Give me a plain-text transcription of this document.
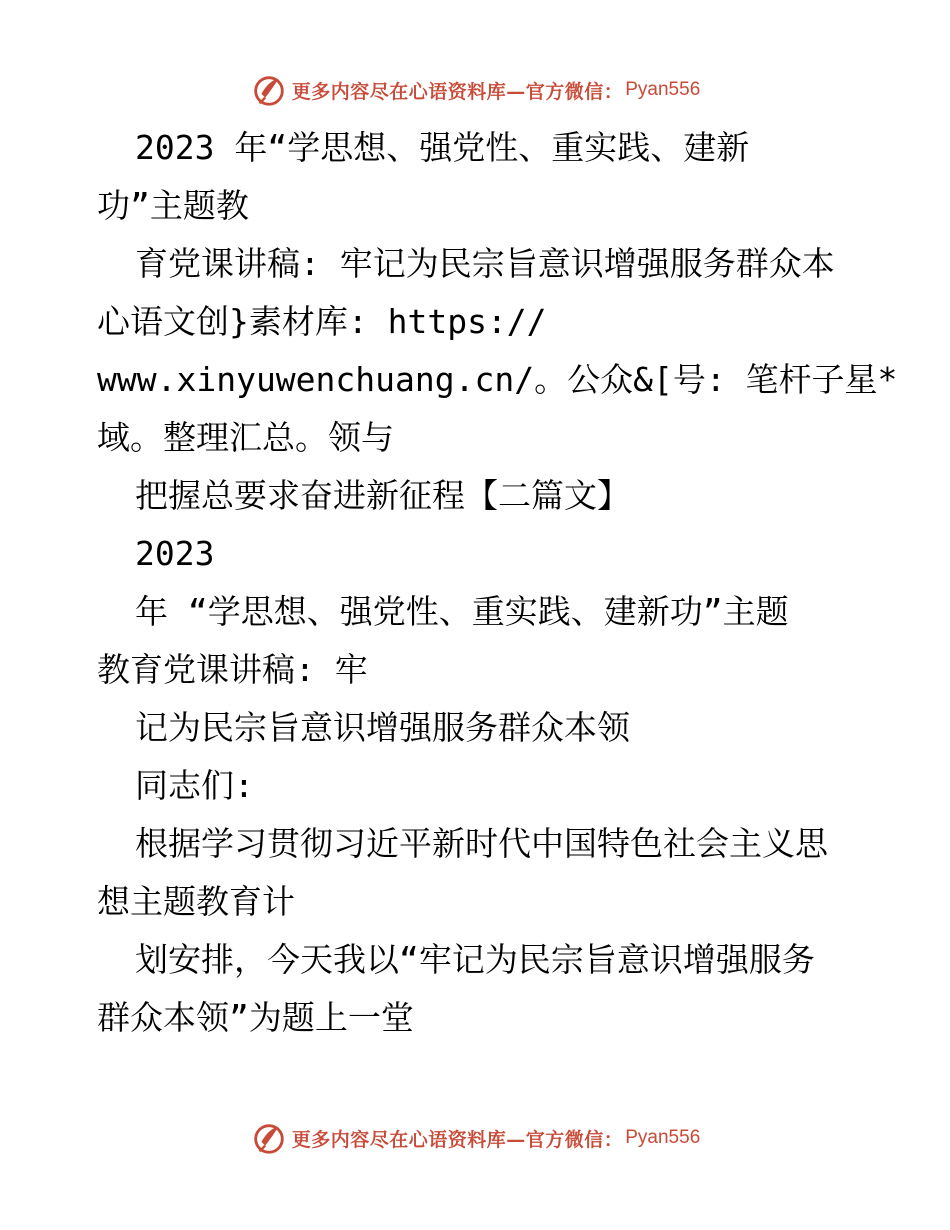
更多内容尽在心语资料库—官方微信： Pyan556
2023 年“学思想、强党性、重实践、建新
功”主题教
育党课讲稿: 牢记为民宗旨意识增强服务群众本
心语文创}素材库: https://
www.xinyuwenchuang.cn/。公众&[号: 笔杆子星*
域。整理汇总。领与
把握总要求奋进新征程【二篇文】
2023
年 “学思想、强党性、重实践、建新功”主题
教育党课讲稿: 牢
记为民宗旨意识增强服务群众本领
同志们:
根据学习贯彻习近平新时代中国特色社会主义思
想主题教育计
划安排，今天我以“牢记为民宗旨意识增强服务
群众本领”为题上一堂
更多内容尽在心语资料库—官方微信： Pyan556
